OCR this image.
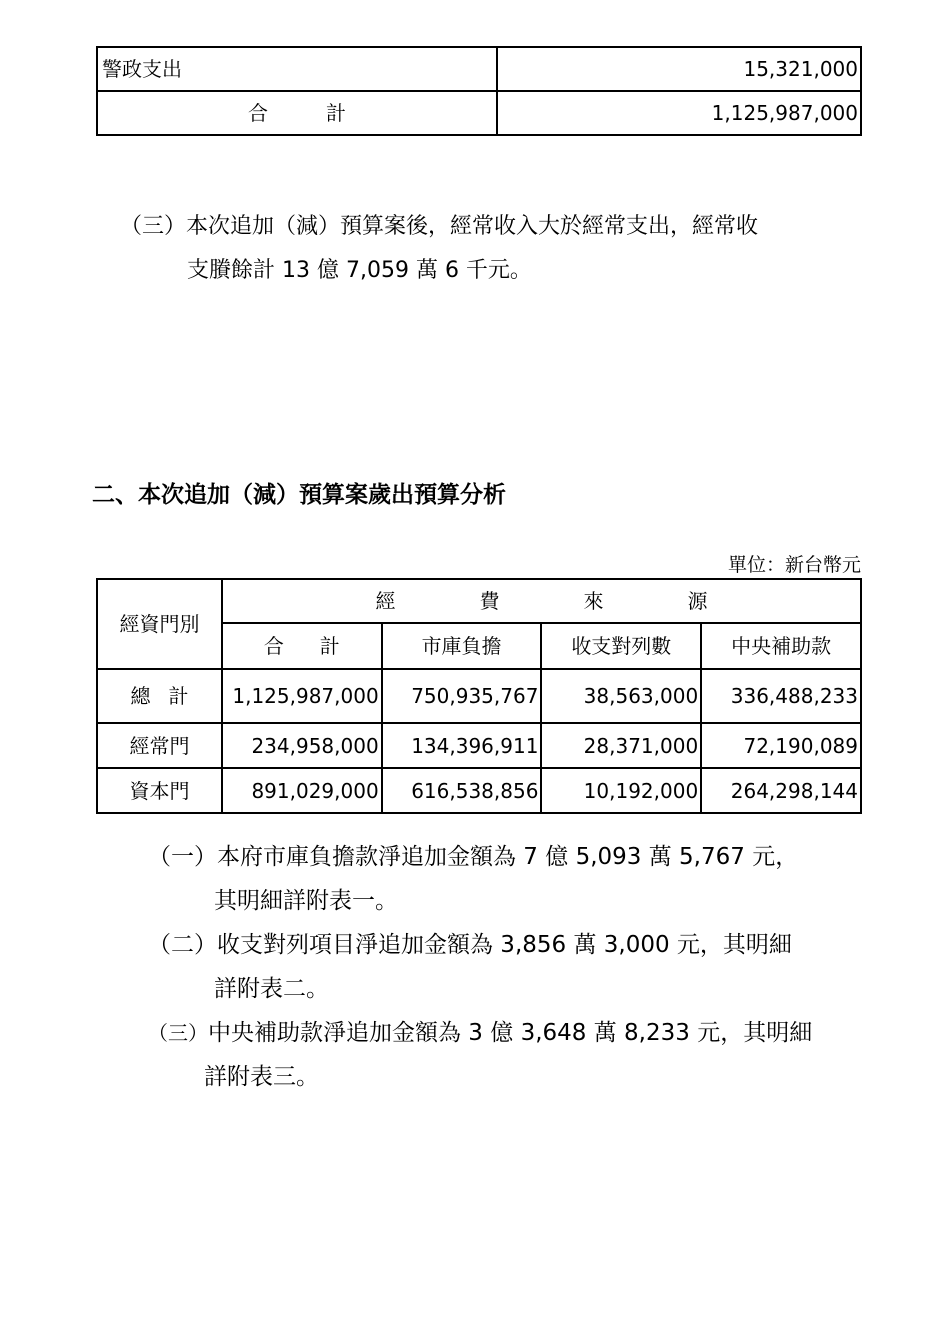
警政支出	15,321,000
合計	1,125,987,000
（三）本次追加（減）預算案後，經常收入大於經常支出，經常收
支賸餘計 13 億 7,059 萬 6 千元。
二、本次追加（減）預算案歲出預算分析
單位：新台幣元
經資門別	經費來源			
	合計	市庫負擔	收支對列數	中央補助款
總計	1,125,987,000	750,935,767	38,563,000	336,488,233
經常門	234,958,000	134,396,911	28,371,000	72,190,089
資本門	891,029,000	616,538,856	10,192,000	264,298,144
（一）本府市庫負擔款淨追加金額為 7 億 5,093 萬 5,767 元，
其明細詳附表一。
（二）收支對列項目淨追加金額為 3,856 萬 3,000 元，其明細
詳附表二。
（三）中央補助款淨追加金額為 3 億 3,648 萬 8,233 元，其明細
詳附表三。
